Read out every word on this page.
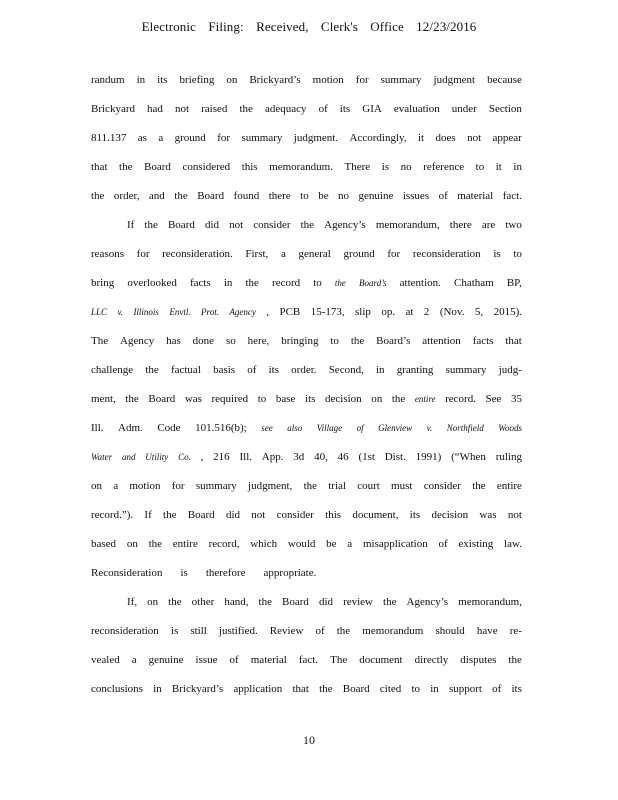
Electronic Filing: Received, Clerk's Office 12/23/2016
randum in its briefing on Brickyard’s motion for summary judgment because
Brickyard had not raised the adequacy of its GIA evaluation under Section
811.137 as a ground for summary judgment. Accordingly, it does not appear
that the Board considered this memorandum. There is no reference to it in
the order, and the Board found there to be no genuine issues of material fact.
If the Board did not consider the Agency’s memorandum, there are two
reasons for reconsideration. First, a general ground for reconsideration is to
bring overlooked facts in the record to the Board’s attention. Chatham BP,
LLC v. Illinois Envtl. Prot. Agency , PCB 15-173, slip op. at 2 (Nov. 5, 2015).
The Agency has done so here, bringing to the Board’s attention facts that
challenge the factual basis of its order. Second, in granting summary judg-
ment, the Board was required to base its decision on the entire record. See 35
Ill. Adm. Code 101.516(b); see also Village of Glenview v. Northfield Woods
Water and Utility Co. , 216 Ill. App. 3d 40, 46 (1st Dist. 1991) (“When ruling
on a motion for summary judgment, the trial court must consider the entire
record.”). If the Board did not consider this document, its decision was not
based on the entire record, which would be a misapplication of existing law.
Reconsideration is therefore appropriate.
If, on the other hand, the Board did review the Agency’s memorandum,
reconsideration is still justified. Review of the memorandum should have re-
vealed a genuine issue of material fact. The document directly disputes the
conclusions in Brickyard’s application that the Board cited to in support of its
10
